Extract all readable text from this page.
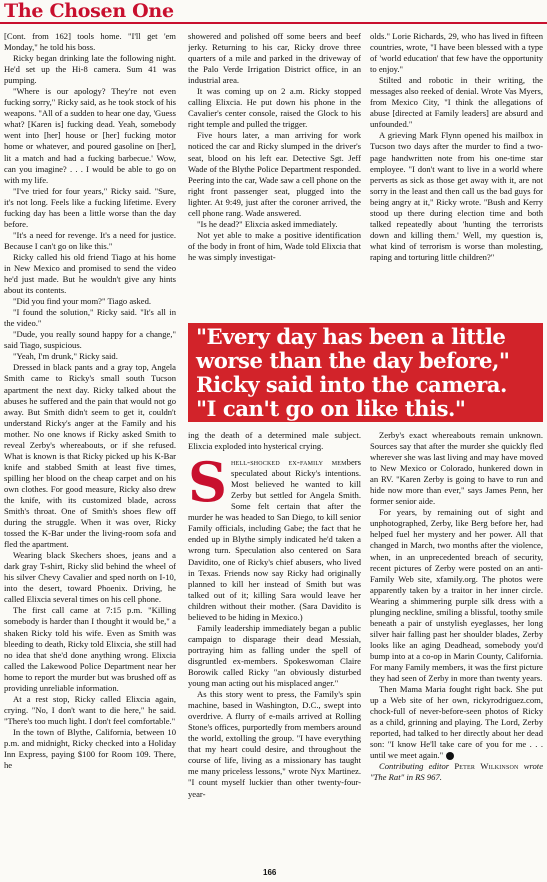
The Chosen One

[Cont. from 162] tools home. "I'll get 'em Monday," he told his boss.

Ricky began drinking late the following night. He'd set up the Hi-8 camera. Sum 41 was pumping.

"Where is our apology? They're not even fucking sorry," Ricky said, as he took stock of his weapons. "All of a sudden to hear one day, 'Guess what? [Karen is] fucking dead. Yeah, somebody went into [her] house or [her] fucking motor home or whatever, and poured gasoline on [her], lit a match and had a fucking barbecue.' Wow, can you imagine? . . . I would be able to go on with my life.

"I've tried for four years," Ricky said. "Sure, it's not long. Feels like a fucking lifetime. Every fucking day has been a little worse than the day before.

"It's a need for revenge. It's a need for justice. Because I can't go on like this."

Ricky called his old friend Tiago at his home in New Mexico and promised to send the video he'd just made. But he wouldn't give any hints about its contents.

"Did you find your mom?" Tiago asked.

"I found the solution," Ricky said. "It's all in the video."

"Dude, you really sound happy for a change," said Tiago, suspicious.

"Yeah, I'm drunk," Ricky said.

Dressed in black pants and a gray top, Angela Smith came to Ricky's small south Tucson apartment the next day. Ricky talked about the abuses he suffered and the pain that would not go away. But Smith didn't seem to get it, couldn't understand Ricky's anger at the Family and his mother. No one knows if Ricky asked Smith to reveal Zerby's whereabouts, or if she refused. What is known is that Ricky picked up his K-Bar knife and stabbed Smith at least five times, spilling her blood on the cheap carpet and on his own clothes. For good measure, Ricky also drew the knife, with its customized blade, across Smith's throat. One of Smith's shoes flew off during the struggle. When it was over, Ricky tossed the K-Bar under the living-room sofa and fled the apartment.

Wearing black Skechers shoes, jeans and a dark gray T-shirt, Ricky slid behind the wheel of his silver Chevy Cavalier and sped north on I-10, into the desert, toward Phoenix. Driving, he called Elixcia several times on his cell phone.

The first call came at 7:15 p.m. "Killing somebody is harder than I thought it would be," a shaken Ricky told his wife. Even as Smith was bleeding to death, Ricky told Elixcia, she still had no idea that she'd done anything wrong. Elixcia called the Lakewood Police Department near her home to report the murder but was brushed off as providing unreliable information.

At a rest stop, Ricky called Elixcia again, crying. "No, I don't want to die here," he said. "There's too much light. I don't feel comfortable."

In the town of Blythe, California, between 10 p.m. and midnight, Ricky checked into a Holiday Inn Express, paying $100 for Room 109. There, he

showered and polished off some beers and beef jerky. Returning to his car, Ricky drove three quarters of a mile and parked in the driveway of the Palo Verde Irrigation District office, in an industrial area.

It was coming up on 2 a.m. Ricky stopped calling Elixcia. He put down his phone in the Cavalier's center console, raised the Glock to his right temple and pulled the trigger.

Five hours later, a man arriving for work noticed the car and Ricky slumped in the driver's seat, blood on his left ear. Detective Sgt. Jeff Wade of the Blythe Police Department responded. Peering into the car, Wade saw a cell phone on the right front passenger seat, plugged into the lighter. At 9:49, just after the coroner arrived, the cell phone rang. Wade answered.

"Is he dead?" Elixcia asked immediately.

Not yet able to make a positive identification of the body in front of him, Wade told Elixcia that he was simply investigat-

olds." Lorie Richards, 29, who has lived in fifteen countries, wrote, "I have been blessed with a type of 'world education' that few have the opportunity to enjoy."

Stilted and robotic in their writing, the messages also reeked of denial. Wrote Vas Myers, from Mexico City, "I think the allegations of abuse [directed at Family leaders] are absurd and unfounded."

A grieving Mark Flynn opened his mailbox in Tucson two days after the murder to find a two-page handwritten note from his one-time star employee. "I don't want to live in a world where perverts as sick as those get away with it, are not sorry in the least and then call us the bad guys for being angry at it," Ricky wrote. "Bush and Kerry stood up there during election time and both talked repeatedly about 'hunting the terrorists down and killing them.' Well, my question is, what kind of terrorism is worse than molesting, raping and torturing little children?"

"Every day has been a little
worse than the day before,"
Ricky said into the camera.
"I can't go on like this."

ing the death of a determined male subject. Elixcia exploded into hysterical crying.

Shell-shocked ex-family members speculated about Ricky's intentions. Most believed he wanted to kill Zerby but settled for Angela Smith. Some felt certain that after the murder he was headed to San Diego, to kill senior Family officials, including Gabe; the fact that he ended up in Blythe simply indicated he'd taken a wrong turn. Speculation also centered on Sara Davidito, one of Ricky's chief abusers, who lived in Texas. Friends now say Ricky had originally planned to kill her instead of Smith but was talked out of it; killing Sara would leave her children without their mother. (Sara Davidito is believed to be hiding in Mexico.)

Family leadership immediately began a public campaign to disparage their dead Messiah, portraying him as falling under the spell of disgruntled ex-members. Spokeswoman Claire Borowik called Ricky "an obviously disturbed young man acting out his misplaced anger."

As this story went to press, the Family's spin machine, based in Washington, D.C., swept into overdrive. A flurry of e-mails arrived at Rolling Stone's offices, purportedly from members around the world, extolling the group. "I have everything that my heart could desire, and throughout the course of life, living as a missionary has taught me many priceless lessons," wrote Nyx Martinez. "I count myself luckier than other twenty-four-year-

Zerby's exact whereabouts remain unknown. Sources say that after the murder she quickly fled wherever she was last living and may have moved to New Mexico or Colorado, hunkered down in an RV. "Karen Zerby is going to have to run and hide now more than ever," says James Penn, her former senior aide.

For years, by remaining out of sight and unphotographed, Zerby, like Berg before her, had helped fuel her mystery and her power. All that changed in March, two months after the violence, when, in an unprecedented breach of security, recent pictures of Zerby were posted on an anti-Family Web site, xfamily.org. The photos were apparently taken by a traitor in her inner circle. Wearing a shimmering purple silk dress with a plunging neckline, smiling a blissful, toothy smile beneath a pair of unstylish eyeglasses, her long silver hair falling past her shoulder blades, Zerby looks like an aging Deadhead, somebody you'd bump into at a co-op in Marin County, California. For many Family members, it was the first picture they had seen of Zerby in more than twenty years.

Then Mama Maria fought right back. She put up a Web site of her own, rickyrodriguez.com, chock-full of never-before-seen photos of Ricky as a child, grinning and playing. The Lord, Zerby reported, had talked to her directly about her dead son: "I know He'll take care of you for me . . . until we meet again."

Contributing editor Peter Wilkinson wrote "The Rat" in RS 967.

166
